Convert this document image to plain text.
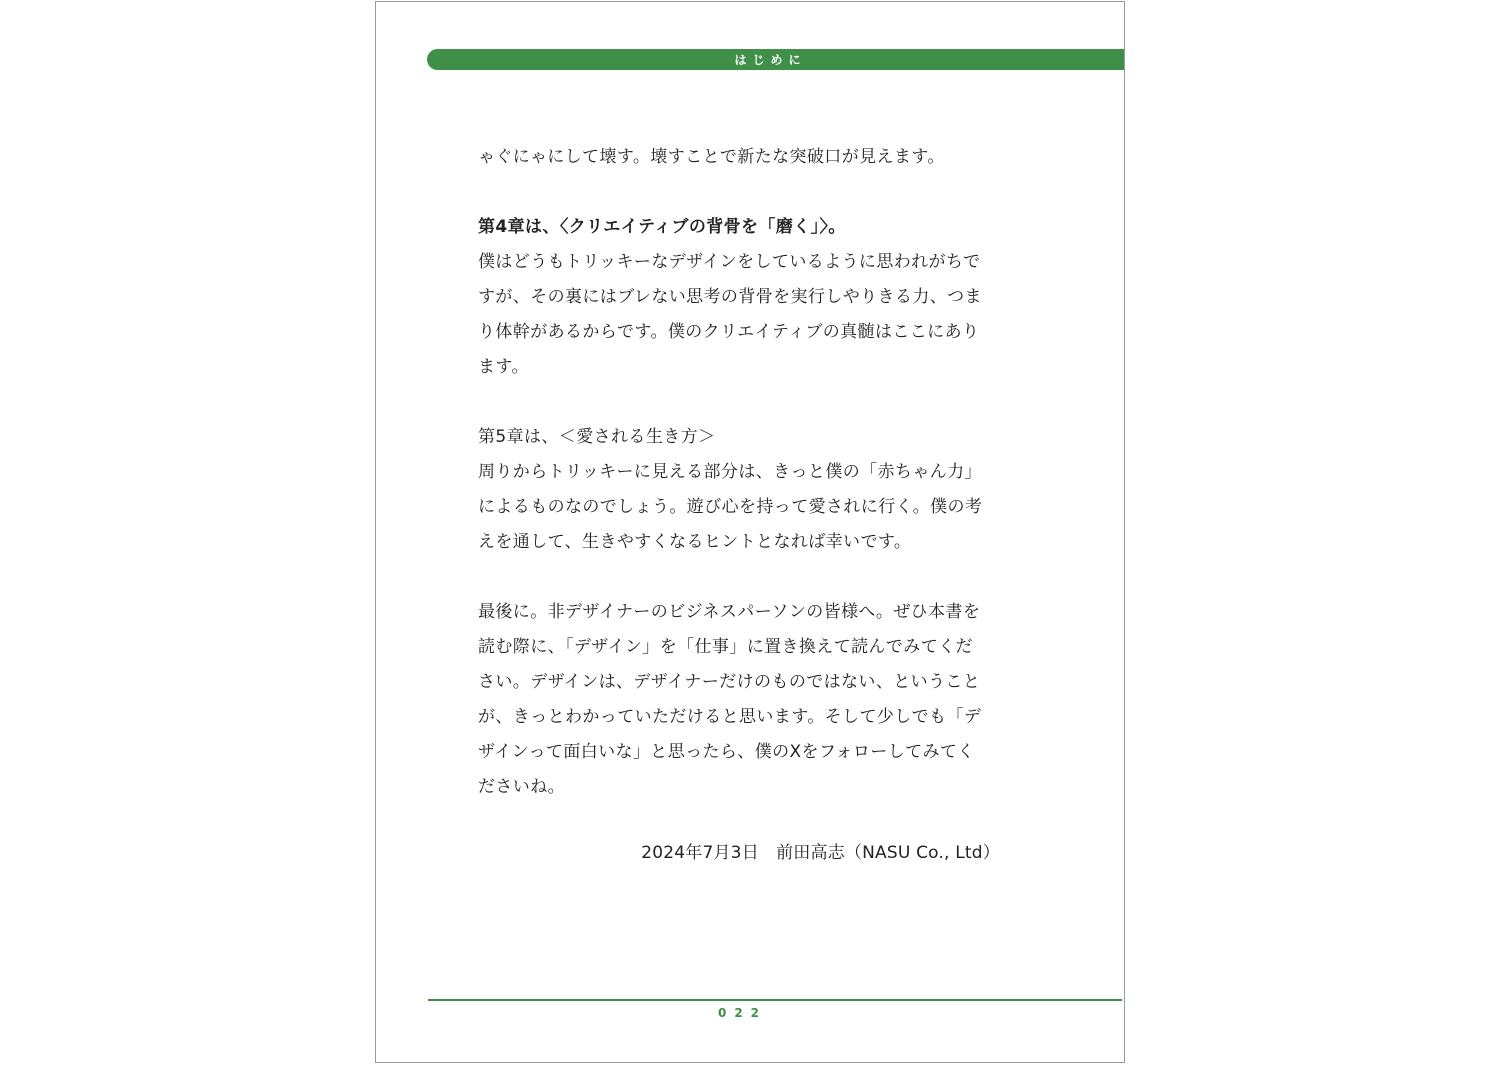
はじめに

ゃぐにゃにして壊す。壊すことで新たな突破口が見えます。

第4章は、〈クリエイティブの背骨を「磨く」〉。

僕はどうもトリッキーなデザインをしているように思われがちで

すが、その裏にはブレない思考の背骨を実行しやりきる力、つま

り体幹があるからです。僕のクリエイティブの真髄はここにあり

ます。

第5章は、＜愛される生き方＞

周りからトリッキーに見える部分は、きっと僕の「赤ちゃん力」

によるものなのでしょう。遊び心を持って愛されに行く。僕の考

えを通して、生きやすくなるヒントとなれば幸いです。

最後に。非デザイナーのビジネスパーソンの皆様へ。ぜひ本書を

読む際に、「デザイン」を「仕事」に置き換えて読んでみてくだ

さい。デザインは、デザイナーだけのものではない、ということ

が、きっとわかっていただけると思います。そして少しでも「デ

ザインって面白いな」と思ったら、僕のXをフォローしてみてく

ださいね。

2024年7月3日　前田高志（NASU Co., Ltd）
022
